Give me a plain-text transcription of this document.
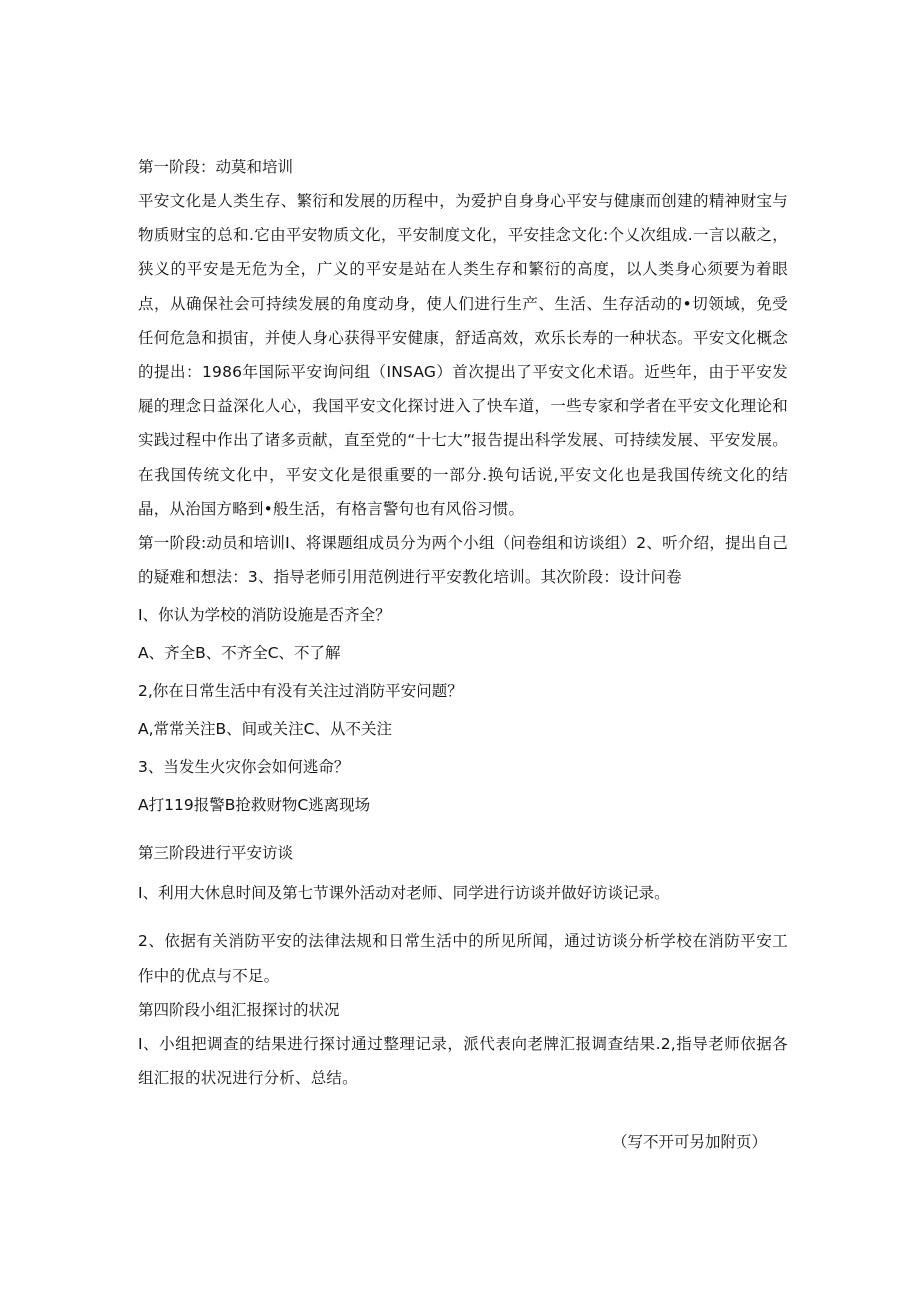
第一阶段：动莫和培训
平安文化是人类生存、繁衍和发展的历程中，为爱护自身身心平安与健康而创建的精神财宝与物质财宝的总和.它由平安物质文化，平安制度文化，平安挂念文化:个乂次组成.一言以蔽之，狭义的平安是无危为全，广义的平安是站在人类生存和繁衍的高度，以人类身心须要为着眼点，从确保社会可持续发展的角度动身，使人们进行生产、生活、生存活动的•切领域，免受任何危急和损宙，并使人身心获得平安健康，舒适高效，欢乐长寿的一种状态。平安文化概念的提出：1986年国际平安询问组（INSAG）首次提出了平安文化术语。近些年，由于平安发屣的理念日益深化人心，我国平安文化探讨进入了快车道，一些专家和学者在平安文化理论和实践过程中作出了诸多贡献，直至党的“十七大”报告提出科学发展、可持续发展、平安发展。在我国传统文化中，平安文化是很重要的一部分.换句话说,平安文化也是我国传统文化的结晶，从治国方略到•般生活，有格言警句也有风俗习惯。
第一阶段:动员和培训I、将课题组成员分为两个小组（问卷组和访谈组）2、听介绍，提出自己的疑难和想法：3、指导老师引用范例进行平安教化培训。其次阶段：设计问卷
I、你认为学校的消防设施是否齐全？
A、齐全B、不齐全C、不了解
2,你在日常生活中有没有关注过消防平安问题？
A,常常关注B、间或关注C、从不关注
3、当发生火灾你会如何逃命？
A打119报警B抢救财物C逃离现场
第三阶段进行平安访谈
I、利用大休息时间及第七节课外活动对老师、同学进行访谈并做好访谈记录。
2、依据有关消防平安的法律法规和日常生活中的所见所闻，通过访谈分析学校在消防平安工作中的优点与不足。
第四阶段小组汇报探讨的状况
I、小组把调查的结果进行探讨通过整理记录，派代表向老牌汇报调查结果.2,指导老师依据各组汇报的状况进行分析、总结。
（写不开可另加附页）
